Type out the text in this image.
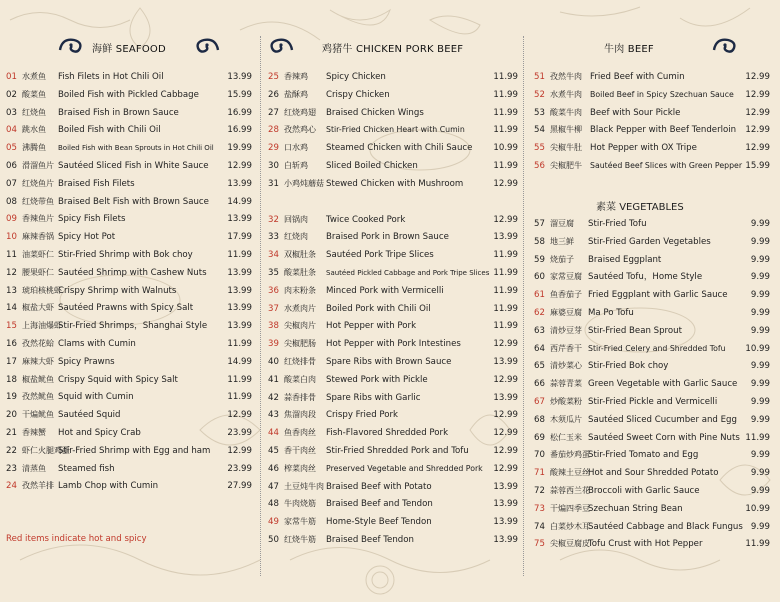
海鲜 SEAFOOD
01 水煮鱼 Fish Filets in Hot Chili Oil	13.99
02 酸菜鱼 Boiled Fish with Pickled Cabbage	15.99
03 红烧鱼 Braised Fish in Brown Sauce	16.99
04 跳水鱼 Boiled Fish with Chili Oil	16.99
05 沸腾鱼 Boiled Fish with Bean Sprouts in Hot Chili Oil	19.99
06 滑溜鱼片 Sautéed Sliced Fish in White Sauce	12.99
07 红烧鱼片 Braised Fish Filets	13.99
08 红烧带鱼 Braised Belt Fish with Brown Sauce	14.99
09 香辣鱼片 Spicy Fish Filets	13.99
10 麻辣香锅 Spicy Hot Pot	17.99
11 油菜虾仁 Stir-Fried Shrimp with Bok choy	11.99
12 腰果虾仁 Sautéed Shrimp with Cashew Nuts	13.99
13 琥珀核桃虾
Crispy Shrimp with Walnuts	13.99
14 椒盐大虾 Sautéed Prawns with Spicy Salt	13.99
15 上海油爆虾
Stir-Fried Shrimps，Shanghai Style	13.99
16 孜然花蛤 Clams with Cumin	11.99
17 麻辣大虾 Spicy Prawns	14.99
18 椒盐鱿鱼 Crispy Squid with Spicy Salt	11.99
19 孜然鱿鱼 Squid with Cumin	11.99
20 干煸鱿鱼 Sautéed Squid	12.99
21 香辣蟹 Hot and Spicy Crab	23.99
22 虾仁火腿鸡蛋
Stir-Fried Shrimp with Egg and ham	12.99
23 清蒸鱼 Steamed fish	23.99
24 孜然羊排 Lamb Chop with Cumin	27.99
Red items indicate hot and spicy
鸡猪牛 CHICKEN PORK BEEF
25 香辣鸡 Spicy Chicken	11.99
26 盐酥鸡 Crispy Chicken	11.99
27 红烧鸡翅 Braised Chicken Wings	11.99
28 孜然鸡心 Stir-Fried Chicken Heart with Cumin	11.99
29 口水鸡 Steamed Chicken with Chili Sauce	10.99
30 白斩鸡 Sliced Boiled Chicken	11.99
31 小鸡炖蘑菇 Stewed Chicken with Mushroom	12.99
32 回锅肉 Twice Cooked Pork	12.99
33 红烧肉 Braised Pork in Brown Sauce	13.99
34 双椒肚条 Sautéed Pork Tripe Slices	11.99
35 酸菜肚条 Sautéed Pickled Cabbage and Pork Tripe Slices 11.99
36 肉末粉条 Minced Pork with Vermicelli	11.99
37 水煮肉片 Boiled Pork with Chili Oil	11.99
38 尖椒肉片 Hot Pepper with Pork	11.99
39 尖椒肥肠 Hot Pepper with Pork Intestines	12.99
40 红烧排骨 Spare Ribs with Brown Sauce	13.99
41 酸菜白肉 Stewed Pork with Pickle	12.99
42 蒜香排骨 Spare Ribs with Garlic	13.99
43 焦溜肉段 Crispy Fried Pork	12.99
44 鱼香肉丝 Fish-Flavored Shredded Pork	12.99
45 香干肉丝 Stir-Fried Shredded Pork and Tofu	12.99
46 榨菜肉丝 Preserved Vegetable and Shredded Pork	12.99
47 土豆炖牛肉 Braised Beef with Potato	13.99
48 牛肉烧筋 Braised Beef and Tendon	13.99
49 家常牛筋 Home-Style Beef Tendon	13.99
50 红烧牛筋 Braised Beef Tendon	13.99
牛肉 BEEF
51 孜然牛肉 Fried Beef with Cumin	12.99
52 水煮牛肉 Boiled Beef in Spicy Szechuan Sauce	12.99
53 酸菜牛肉 Beef with Sour Pickle	12.99
54 黑椒牛柳 Black Pepper with Beef Tenderloin	12.99
55 尖椒牛肚 Hot Pepper with OX Tripe	12.99
56 尖椒肥牛 Sautéed Beef Slices with Green Pepper 15.99
素菜 VEGETABLES
57 溜豆腐 Stir-Fried Tofu	9.99
58 地三鲜 Stir-Fried Garden Vegetables	9.99
59 烧茄子 Braised Eggplant	9.99
60 家常豆腐 Sautéed Tofu，Home Style	9.99
61 鱼香茄子 Fried Eggplant with Garlic Sauce	9.99
62 麻婆豆腐 Ma Po Tofu	9.99
63 清炒豆芽 Stir-Fried Bean Sprout	9.99
64 西芹香干 Stir-Fried Celery and Shredded Tofu	10.99
65 清炒菜心 Stir-Fried Bok choy	9.99
66 蒜蓉青菜 Green Vegetable with Garlic Sauce	9.99
67 炒酸菜粉 Stir-Fried Pickle and Vermicelli	9.99
68 木须瓜片 Sautéed Sliced Cucumber and Egg	9.99
69 松仁玉米 Sautéed Sweet Corn with Pine Nuts 11.99
70 番茄炒鸡蛋
Stir-Fried Tomato and Egg	9.99
71 酸辣土豆丝
Hot and Sour Shredded Potato	9.99
72 蒜蓉西兰花
Broccoli with Garlic Sauce	9.99
73 干煸四季豆
Szechuan String Bean	10.99
74 白菜炒木耳
Sautéed Cabbage and Black Fungus 9.99
75 尖椒豆腐皮
Tofu Crust with Hot Pepper	11.99
